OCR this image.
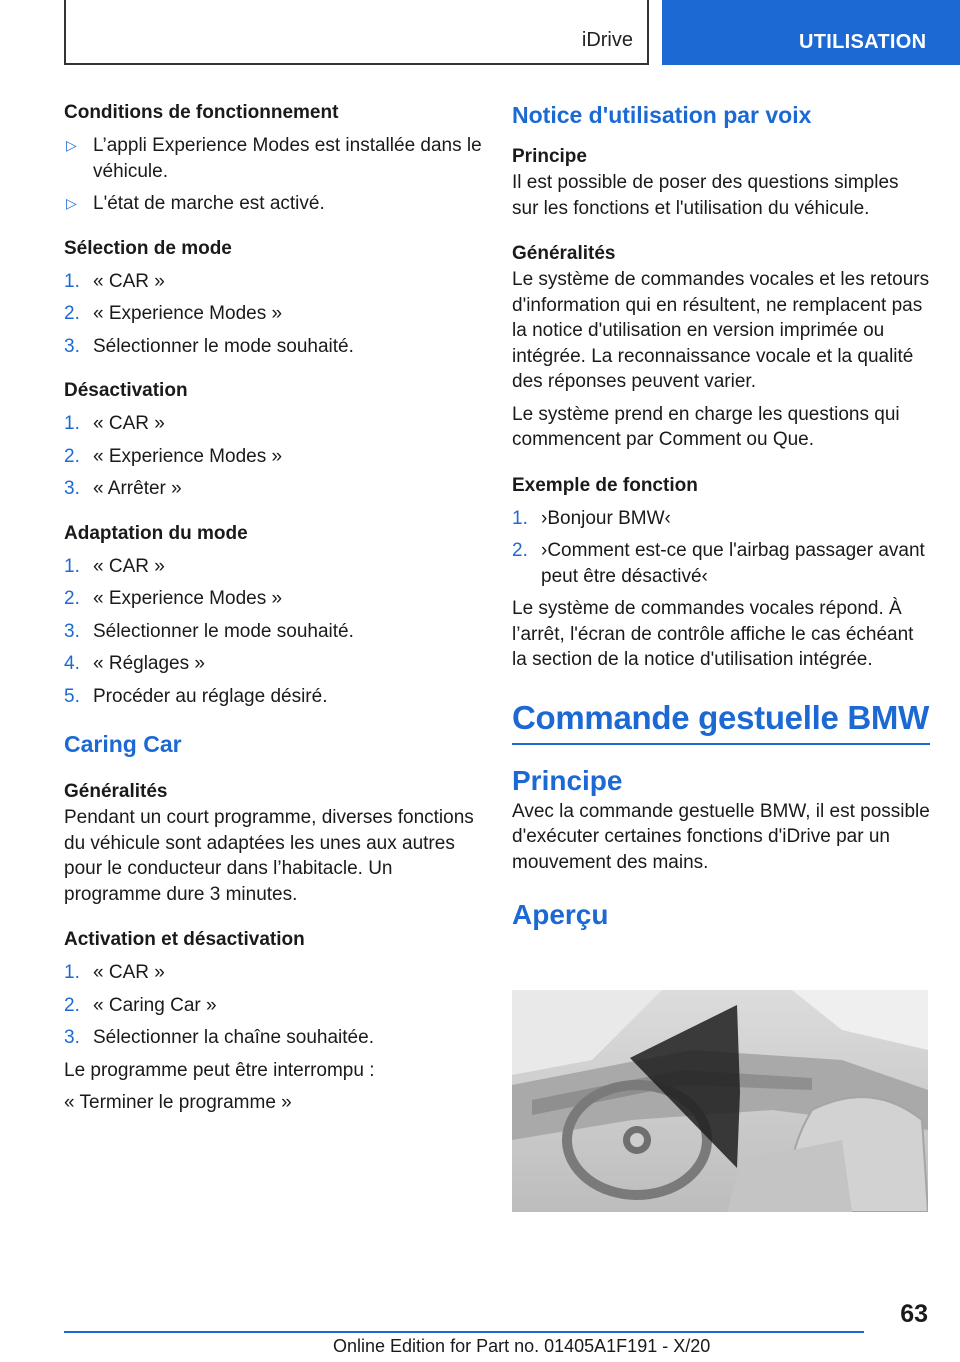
iDrive	UTILISATION
Conditions de fonctionnement
▷ L’appli Experience Modes est installée dans le véhicule.
▷ L'état de marche est activé.
Sélection de mode
1. « CAR »
2. « Experience Modes »
3. Sélectionner le mode souhaité.
Désactivation
1. « CAR »
2. « Experience Modes »
3. « Arrêter »
Adaptation du mode
1. « CAR »
2. « Experience Modes »
3. Sélectionner le mode souhaité.
4. « Réglages »
5. Procéder au réglage désiré.
Caring Car
Généralités

Pendant un court programme, diverses fonctions du véhicule sont adaptées les unes aux autres pour le conducteur dans l’habitacle. Un programme dure 3 minutes.

Activation et désactivation
1. « CAR »
2. « Caring Car »
3. Sélectionner la chaîne souhaitée.

Le programme peut être interrompu :

« Terminer le programme »

Notice d'utilisation par voix
Principe

Il est possible de poser des questions simples sur les fonctions et l'utilisation du véhicule.

Généralités

Le système de commandes vocales et les retours d'information qui en résultent, ne remplacent pas la notice d'utilisation en version imprimée ou intégrée. La reconnaissance vocale et la qualité des réponses peuvent varier.

Le système prend en charge les questions qui commencent par Comment ou Que.

Exemple de fonction
1. ›Bonjour BMW‹
2. ›Comment est-ce que l'airbag passager avant peut être désactivé‹

Le système de commandes vocales répond. À l’arrêt, l'écran de contrôle affiche le cas échéant la section de la notice d'utilisation intégrée.

Commande gestuelle BMW
Principe

Avec la commande gestuelle BMW, il est possible d'exécuter certaines fonctions d'iDrive par un mouvement des mains.

Aperçu
63
Online Edition for Part no. 01405A1F191 - X/20
